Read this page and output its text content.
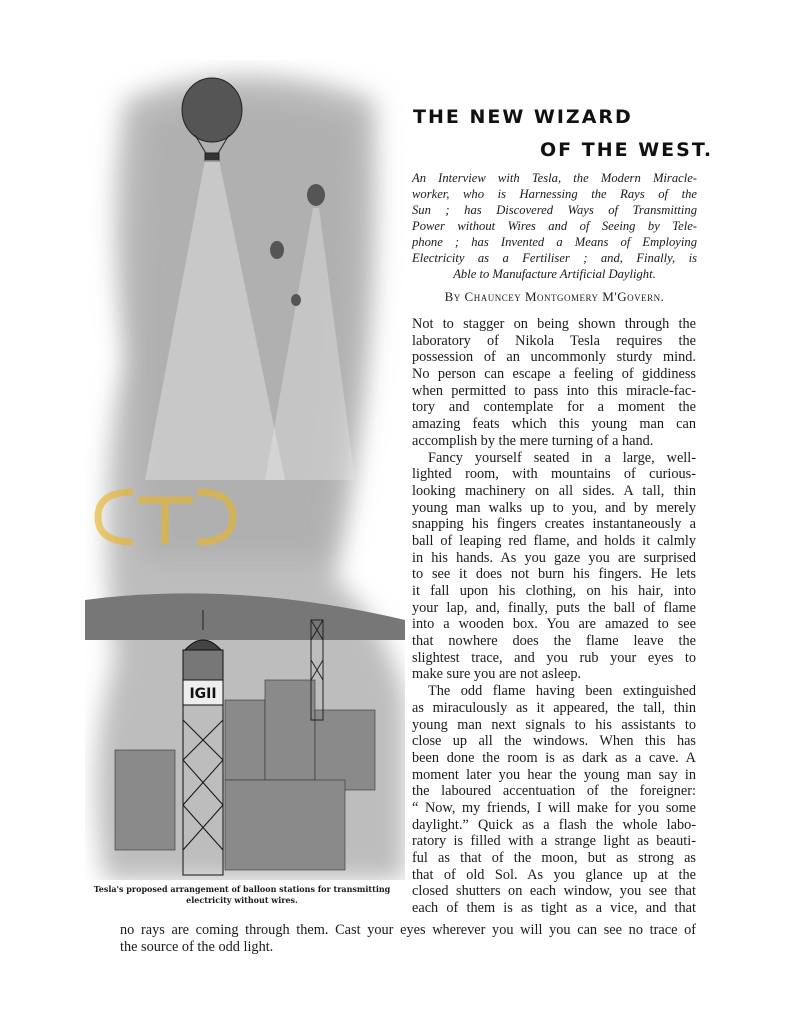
IGII
THE NEW WIZARD
OF THE WEST.
An Interview with Tesla, the Modern Miracle-
worker, who is Harnessing the Rays of the
Sun ; has Discovered Ways of Transmitting
Power without Wires and of Seeing by Tele-
phone ; has Invented a Means of Employing
Electricity as a Fertiliser ; and, Finally, is
Able to Manufacture Artificial Daylight.
By Chauncey Montgomery M'Govern.
Not to stagger on being shown through the
laboratory of Nikola Tesla requires the
possession of an uncommonly sturdy mind.
No person can escape a feeling of giddiness
when permitted to pass into this miracle-fac-
tory and contemplate for a moment the
amazing feats which this young man can
accomplish by the mere turning of a hand.
Fancy yourself seated in a large, well-
lighted room, with mountains of curious-
looking machinery on all sides. A tall, thin
young man walks up to you, and by merely
snapping his fingers creates instantaneously a
ball of leaping red flame, and holds it calmly
in his hands. As you gaze you are surprised
to see it does not burn his fingers. He lets
it fall upon his clothing, on his hair, into
your lap, and, finally, puts the ball of flame
into a wooden box. You are amazed to see
that nowhere does the flame leave the
slightest trace, and you rub your eyes to
make sure you are not asleep.
The odd flame having been extinguished
as miraculously as it appeared, the tall, thin
young man next signals to his assistants to
close up all the windows. When this has
been done the room is as dark as a cave. A
moment later you hear the young man say in
the laboured accentuation of the foreigner:
“ Now, my friends, I will make for you some
daylight.” Quick as a flash the whole labo-
ratory is filled with a strange light as beauti-
ful as that of the moon, but as strong as
that of old Sol. As you glance up at the
closed shutters on each window, you see that
each of them is as tight as a vice, and that
no rays are coming through them. Cast your eyes wherever you will you can see no trace of
the source of the odd light.
Tesla's proposed arrangement of balloon stations for transmitting
electricity without wires.
